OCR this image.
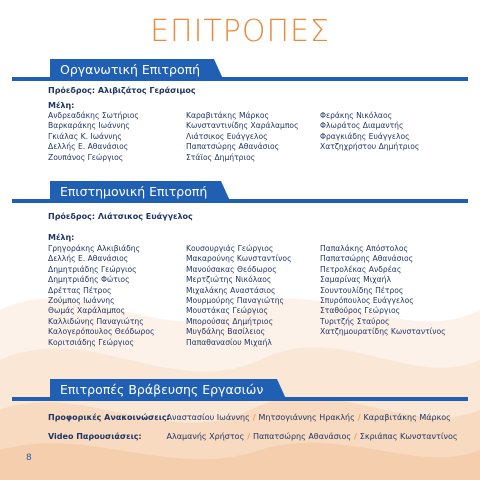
ΕΠΙΤΡΟΠΕΣ
Οργανωτική Επιτροπή
Πρόεδρος: Αλιβιζάτος Γεράσιμος
Μέλη:
Ανδρεαδάκης Σωτήριος
Βαρκαράκης Ιωάννης
Γκιάλας Κ. Ιωάννης
Δελλής Ε. Αθανάσιος
Ζουπάνος Γεώργιος
Καραβιτάκης Μάρκος
Κωνσταντινίδης Χαράλαμπος
Λιάτσικος Ευάγγελος
Παπατσώρης Αθανάσιος
Στάϊος Δημήτριος
Φεράκης Νικόλαος
Φλωράτος Διαμαντής
Φραγκιάδης Ευάγγελος
Χατζηχρήστου Δημήτριος
Επιστημονική Επιτροπή
Πρόεδρος: Λιάτσικος Ευάγγελος
Μέλη:
Γρηγοράκης Αλκιβιάδης
Δελλής Ε. Αθανάσιος
Δημητριάδης Γεώργιος
Δημητριάδης Φώτιος
Δρέττας Πέτρος
Ζούμπος Ιωάννης
Θωμάς Χαράλαμπος
Καλλιδώνης Παναγιώτης
Καλογερόπουλος Θεόδωρος
Κοριτσιάδης Γεώργιος
Κουσουργιάς Γεώργιος
Μακαρούνης Κωνσταντίνος
Μανούσακας Θεόδωρος
Μερτζιώτης Νικόλαος
Μιχαλάκης Αναστάσιος
Μουρμούρης Παναγιώτης
Μουστάκας Γεώργιος
Μπορούσας Δημήτριος
Μυγδάλης Βασίλειος
Παπαθανασίου Μιχαήλ
Παπαλάκης Απόστολος
Παπατσώρης Αθανάσιος
Πετρολέκας Ανδρέας
Σαμαρίνας Μιχαήλ
Σουντουλίδης Πέτρος
Σπυρόπουλος Ευάγγελος
Σταθούρος Γεώργιος
Τυριτζής Σταύρος
Χατζημουρατίδης Κωνσταντίνος
Επιτροπές Βράβευσης Εργασιών
Προφορικές Ανακοινώσεις: Αναστασίου Ιωάννης / Μητσογιάννης Ηρακλής / Καραβιτάκης Μάρκος
Video Παρουσιάσεις:	Αλαμανής Χρήστος / Παπατσώρης Αθανάσιος / Σκριάπας Κωνσταντίνος
8
